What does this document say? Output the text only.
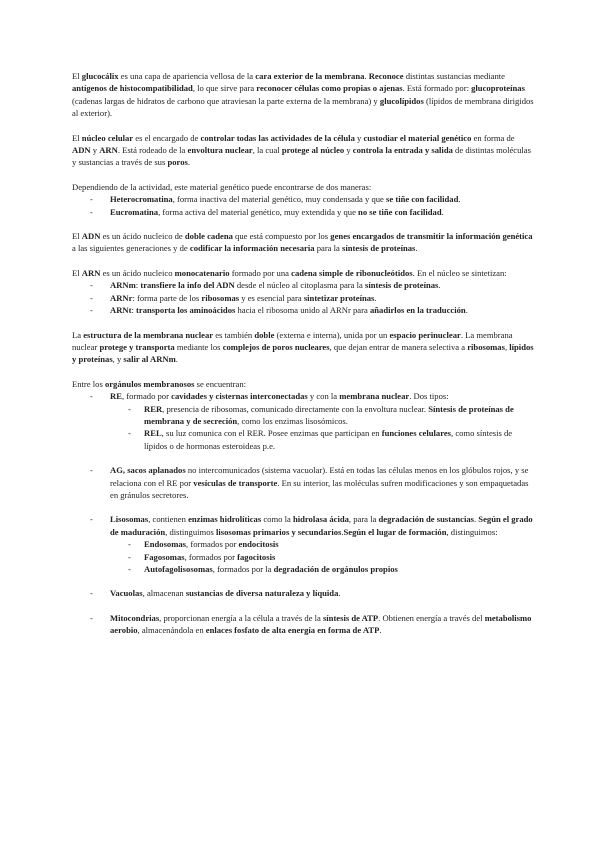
El glucocálix es una capa de apariencia vellosa de la cara exterior de la membrana. Reconoce distintas sustancias mediante antígenos de histocompatibilidad, lo que sirve para reconocer células como propias o ajenas. Está formado por: glucoproteínas (cadenas largas de hidratos de carbono que atraviesan la parte externa de la membrana) y glucolípidos (lípidos de membrana dirigidos al exterior).

El núcleo celular es el encargado de controlar todas las actividades de la célula y custodiar el material genético en forma de ADN y ARN. Está rodeado de la envoltura nuclear, la cual protege al núcleo y controla la entrada y salida de distintas moléculas y sustancias a través de sus poros.

Dependiendo de la actividad, este material genético puede encontrarse de dos maneras:
- Heterocromatina, forma inactiva del material genético, muy condensada y que se tiñe con facilidad.
- Eucromatina, forma activa del material genético, muy extendida y que no se tiñe con facilidad.

El ADN es un ácido nucleico de doble cadena que está compuesto por los genes encargados de transmitir la información genética a las siguientes generaciones y de codificar la información necesaria para la síntesis de proteínas.

El ARN es un ácido nucleico monocatenario formado por una cadena simple de ribonucleótidos. En el núcleo se sintetizan:
- ARNm: transfiere la info del ADN desde el núcleo al citoplasma para la síntesis de proteínas.
- ARNr: forma parte de los ribosomas y es esencial para sintetizar proteínas.
- ARNt: transporta los aminoácidos hacia el ribosoma unido al ARNr para añadirlos en la traducción.

La estructura de la membrana nuclear es también doble (externa e interna), unida por un espacio perinuclear. La membrana nuclear protege y transporta mediante los complejos de poros nucleares, que dejan entrar de manera selectiva a ribosomas, lípidos y proteínas, y salir al ARNm.

Entre los orgánulos membranosos se encuentran:
- RE, formado por cavidades y cisternas interconectadas y con la membrana nuclear. Dos tipos:
- RER, presencia de ribosomas, comunicado directamente con la envoltura nuclear. Síntesis de proteínas de membrana y de secreción, como los enzimas lisosómicos.
- REL, su luz comunica con el RER. Posee enzimas que participan en funciones celulares, como síntesis de lípidos o de hormonas esteroideas p.e.
- AG, sacos aplanados no intercomunicados (sistema vacuolar). Está en todas las células menos en los glóbulos rojos, y se relaciona con el RE por vesículas de transporte. En su interior, las moléculas sufren modificaciones y son empaquetadas en gránulos secretores.
- Lisosomas, contienen enzimas hidrolíticas como la hidrolasa ácida, para la degradación de sustancias. Según el grado de maduración, distinguimos lisosomas primarios y secundarios.Según el lugar de formación, distinguimos:
- Endosomas, formados por endocitosis
- Fagosomas, formados por fagocitosis
- Autofagolisosomas, formados por la degradación de orgánulos propios
- Vacuolas, almacenan sustancias de diversa naturaleza y líquida.
- Mitocondrias, proporcionan energía a la célula a través de la síntesis de ATP. Obtienen energía a través del metabolismo aerobio, almacenándola en enlaces fosfato de alta energía en forma de ATP.
